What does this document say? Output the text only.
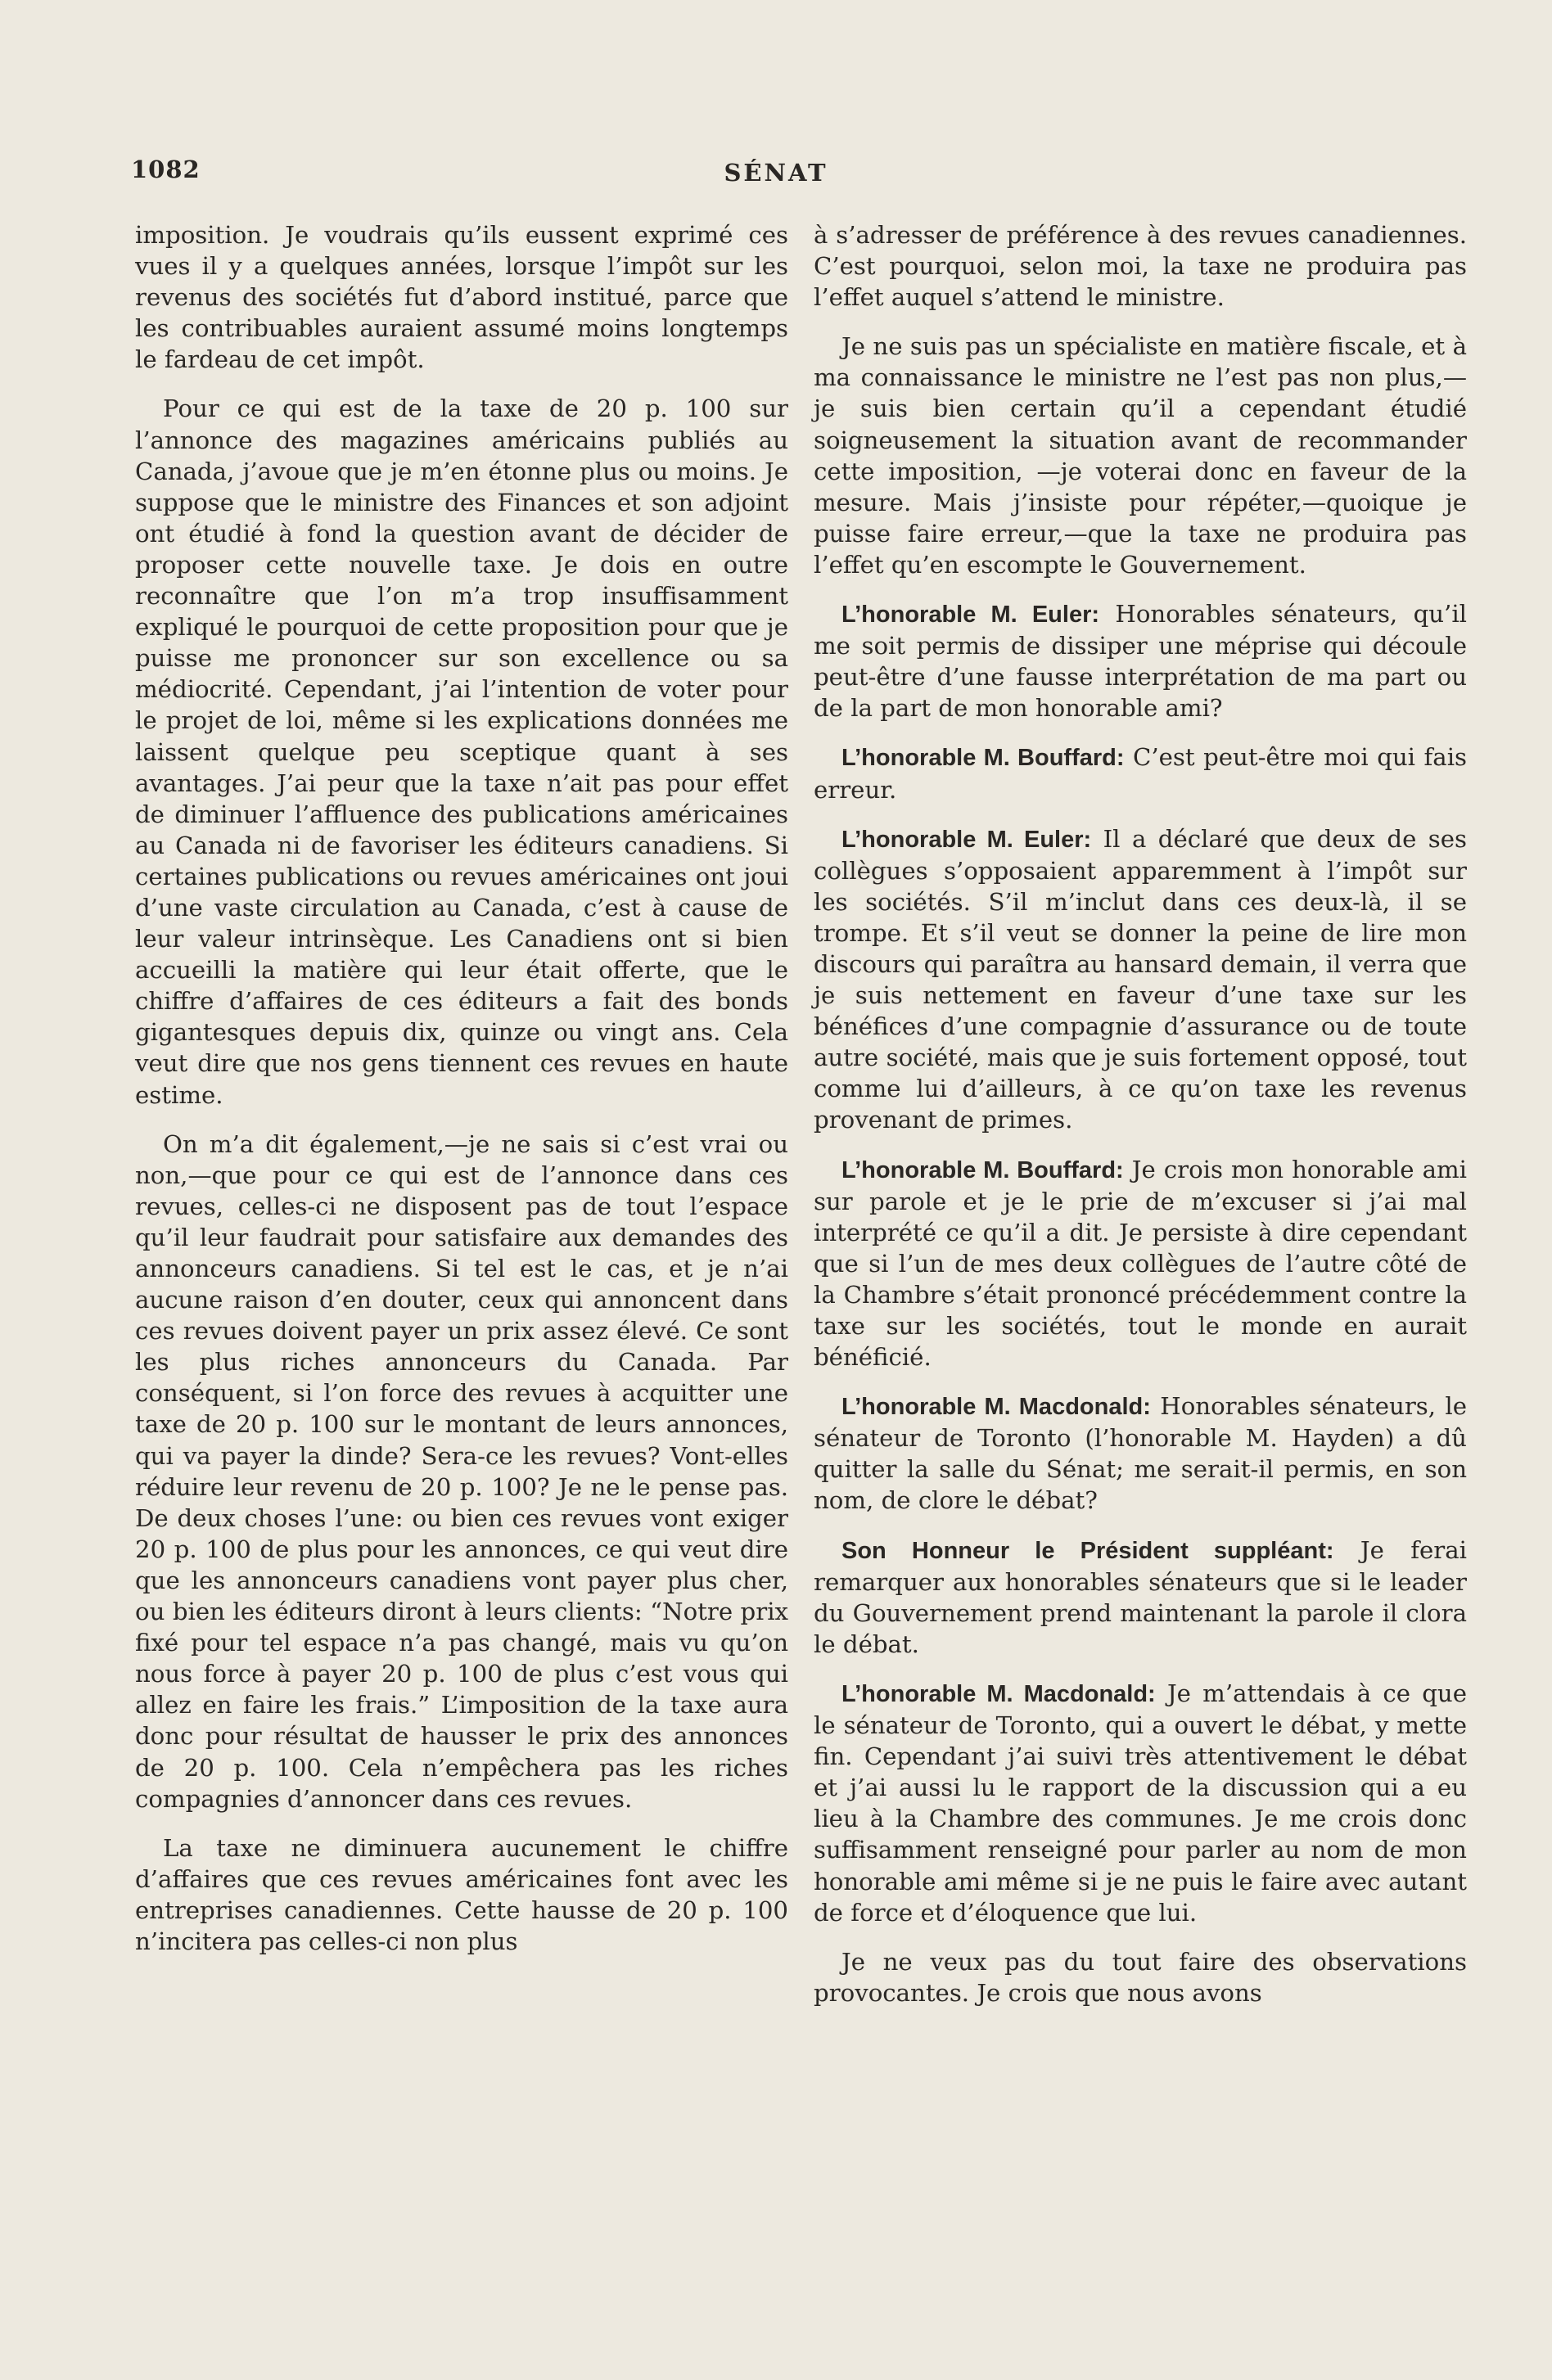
1082	SÉNAT

imposition. Je voudrais qu’ils eussent exprimé ces vues il y a quelques années, lorsque l’impôt sur les revenus des sociétés fut d’abord institué, parce que les contribuables auraient assumé moins longtemps le fardeau de cet impôt.

Pour ce qui est de la taxe de 20 p. 100 sur l’annonce des magazines américains publiés au Canada, j’avoue que je m’en étonne plus ou moins. Je suppose que le ministre des Finances et son adjoint ont étudié à fond la question avant de décider de proposer cette nouvelle taxe. Je dois en outre reconnaître que l’on m’a trop insuffisamment expliqué le pourquoi de cette proposition pour que je puisse me prononcer sur son excellence ou sa médiocrité. Cependant, j’ai l’intention de voter pour le projet de loi, même si les explications données me laissent quelque peu sceptique quant à ses avantages. J’ai peur que la taxe n’ait pas pour effet de diminuer l’affluence des publications américaines au Canada ni de favoriser les éditeurs canadiens. Si certaines publications ou revues américaines ont joui d’une vaste circulation au Canada, c’est à cause de leur valeur intrinsèque. Les Canadiens ont si bien accueilli la matière qui leur était offerte, que le chiffre d’affaires de ces éditeurs a fait des bonds gigantesques depuis dix, quinze ou vingt ans. Cela veut dire que nos gens tiennent ces revues en haute estime.

On m’a dit également,—je ne sais si c’est vrai ou non,—que pour ce qui est de l’annonce dans ces revues, celles-ci ne disposent pas de tout l’espace qu’il leur faudrait pour satisfaire aux demandes des annonceurs canadiens. Si tel est le cas, et je n’ai aucune raison d’en douter, ceux qui annoncent dans ces revues doivent payer un prix assez élevé. Ce sont les plus riches annonceurs du Canada. Par conséquent, si l’on force des revues à acquitter une taxe de 20 p. 100 sur le montant de leurs annonces, qui va payer la dinde? Sera-ce les revues? Vont-elles réduire leur revenu de 20 p. 100? Je ne le pense pas. De deux choses l’une: ou bien ces revues vont exiger 20 p. 100 de plus pour les annonces, ce qui veut dire que les annonceurs canadiens vont payer plus cher, ou bien les éditeurs diront à leurs clients: “Notre prix fixé pour tel espace n’a pas changé, mais vu qu’on nous force à payer 20 p. 100 de plus c’est vous qui allez en faire les frais.” L’imposition de la taxe aura donc pour résultat de hausser le prix des annonces de 20 p. 100. Cela n’empêchera pas les riches compagnies d’annoncer dans ces revues.

La taxe ne diminuera aucunement le chiffre d’affaires que ces revues américaines font avec les entreprises canadiennes. Cette hausse de 20 p. 100 n’incitera pas celles-ci non plus

à s’adresser de préférence à des revues canadiennes. C’est pourquoi, selon moi, la taxe ne produira pas l’effet auquel s’attend le ministre.

Je ne suis pas un spécialiste en matière fiscale, et à ma connaissance le ministre ne l’est pas non plus,—je suis bien certain qu’il a cependant étudié soigneusement la situation avant de recommander cette imposition, —je voterai donc en faveur de la mesure. Mais j’insiste pour répéter,—quoique je puisse faire erreur,—que la taxe ne produira pas l’effet qu’en escompte le Gouvernement.

L’honorable M. Euler: Honorables sénateurs, qu’il me soit permis de dissiper une méprise qui découle peut-être d’une fausse interprétation de ma part ou de la part de mon honorable ami?

L’honorable M. Bouffard: C’est peut-être moi qui fais erreur.

L’honorable M. Euler: Il a déclaré que deux de ses collègues s’opposaient apparemment à l’impôt sur les sociétés. S’il m’inclut dans ces deux-là, il se trompe. Et s’il veut se donner la peine de lire mon discours qui paraîtra au hansard demain, il verra que je suis nettement en faveur d’une taxe sur les bénéfices d’une compagnie d’assurance ou de toute autre société, mais que je suis fortement opposé, tout comme lui d’ailleurs, à ce qu’on taxe les revenus provenant de primes.

L’honorable M. Bouffard: Je crois mon honorable ami sur parole et je le prie de m’excuser si j’ai mal interprété ce qu’il a dit. Je persiste à dire cependant que si l’un de mes deux collègues de l’autre côté de la Chambre s’était prononcé précédemment contre la taxe sur les sociétés, tout le monde en aurait bénéficié.

L’honorable M. Macdonald: Honorables sénateurs, le sénateur de Toronto (l’honorable M. Hayden) a dû quitter la salle du Sénat; me serait-il permis, en son nom, de clore le débat?

Son Honneur le Président suppléant: Je ferai remarquer aux honorables sénateurs que si le leader du Gouvernement prend maintenant la parole il clora le débat.

L’honorable M. Macdonald: Je m’attendais à ce que le sénateur de Toronto, qui a ouvert le débat, y mette fin. Cependant j’ai suivi très attentivement le débat et j’ai aussi lu le rapport de la discussion qui a eu lieu à la Chambre des communes. Je me crois donc suffisamment renseigné pour parler au nom de mon honorable ami même si je ne puis le faire avec autant de force et d’éloquence que lui.

Je ne veux pas du tout faire des observations provocantes. Je crois que nous avons
